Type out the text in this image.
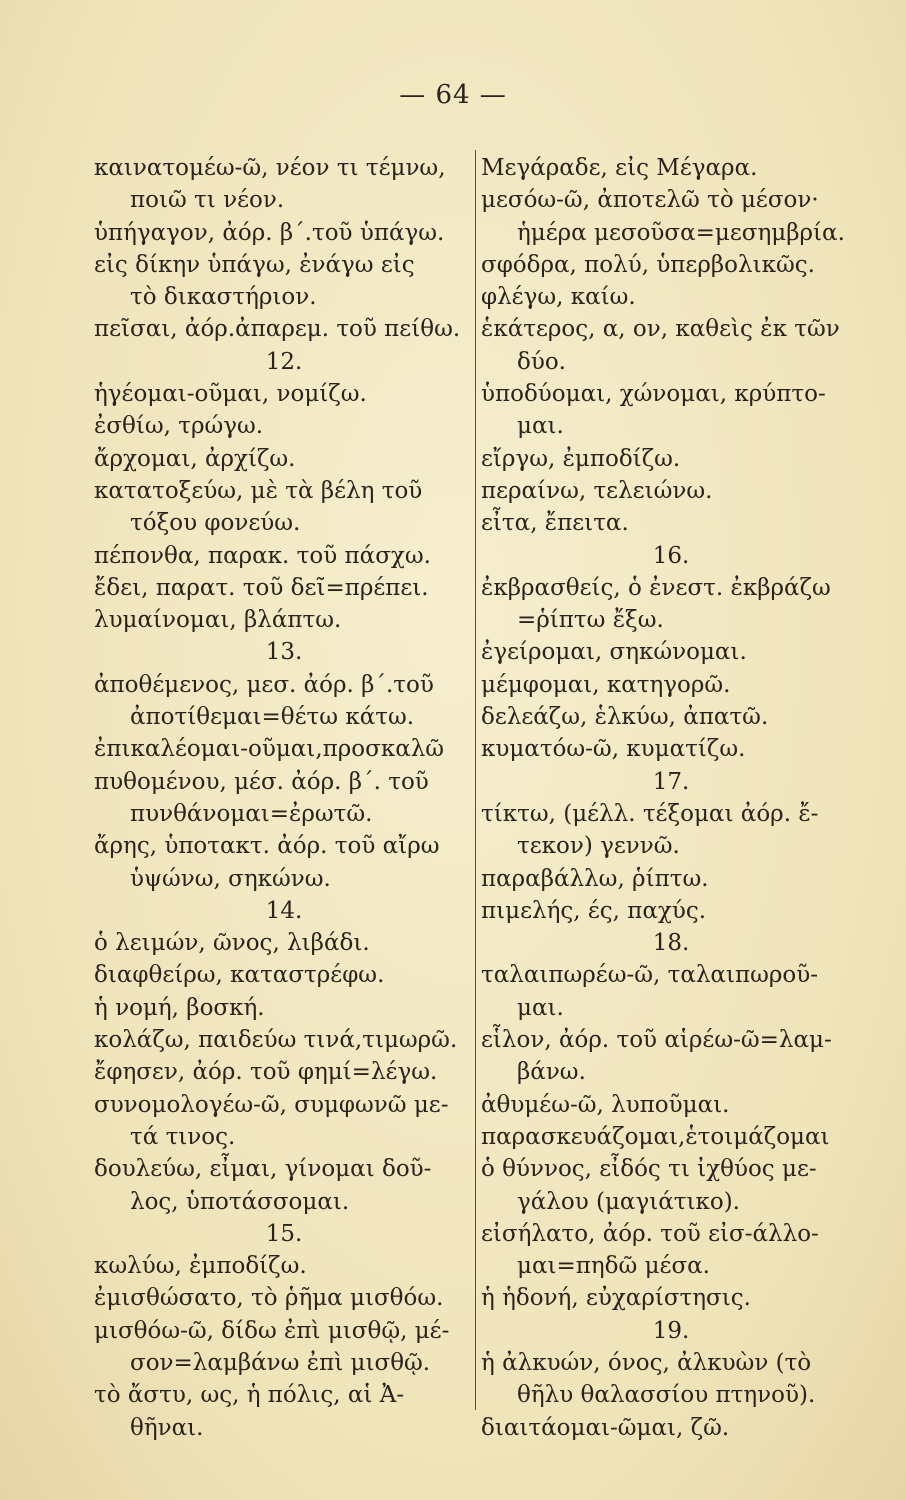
— 64 —
καινατομέω-ῶ, νέον τι τέμνω,
ποιῶ τι νέον.
ὑπήγαγον, ἀόρ. β΄.τοῦ ὑπάγω.
εἰς δίκην ὑπάγω, ἐνάγω εἰς
τὸ δικαστήριον.
πεῖσαι, ἀόρ.ἀπαρεμ. τοῦ πείθω.
12.
ἡγέομαι-οῦμαι, νομίζω.
ἐσθίω, τρώγω.
ἄρχομαι, ἀρχίζω.
κατατοξεύω, μὲ τὰ βέλη τοῦ
τόξου φονεύω.
πέπονθα, παρακ. τοῦ πάσχω.
ἔδει, παρατ. τοῦ δεῖ=πρέπει.
λυμαίνομαι, βλάπτω.
13.
ἀποθέμενος, μεσ. ἀόρ. β΄.τοῦ
ἀποτίθεμαι=θέτω κάτω.
ἐπικαλέομαι-οῦμαι,προσκαλῶ
πυθομένου, μέσ. ἀόρ. β΄. τοῦ
πυνθάνομαι=ἐρωτῶ.
ἄρης, ὑποτακτ. ἀόρ. τοῦ αἴρω
ὑψώνω, σηκώνω.
14.
ὁ λειμών, ῶνος, λιβάδι.
διαφθείρω, καταστρέφω.
ἡ νομή, βοσκή.
κολάζω, παιδεύω τινά,τιμωρῶ.
ἔφησεν, ἀόρ. τοῦ φημί=λέγω.
συνομολογέω-ῶ, συμφωνῶ με-
τά τινος.
δουλεύω, εἶμαι, γίνομαι δοῦ-
λος, ὑποτάσσομαι.
15.
κωλύω, ἐμποδίζω.
ἐμισθώσατο, τὸ ῥῆμα μισθόω.
μισθόω-ῶ, δίδω ἐπὶ μισθῷ, μέ-
σον=λαμβάνω ἐπὶ μισθῷ.
τὸ ἄστυ, ως, ἡ πόλις, αἱ Ἀ-
θῆναι.
Μεγάραδε, εἰς Μέγαρα.
μεσόω-ῶ, ἀποτελῶ τὸ μέσον·
ἡμέρα μεσοῦσα=μεσημβρία.
σφόδρα, πολύ, ὑπερβολικῶς.
φλέγω, καίω.
ἑκάτερος, α, ον, καθεὶς ἐκ τῶν
δύο.
ὑποδύομαι, χώνομαι, κρύπτο-
μαι.
εἴργω, ἐμποδίζω.
περαίνω, τελειώνω.
εἶτα, ἔπειτα.
16.
ἐκβρασθείς, ὁ ἐνεστ. ἐκβράζω
=ῥίπτω ἔξω.
ἐγείρομαι, σηκώνομαι.
μέμφομαι, κατηγορῶ.
δελεάζω, ἑλκύω, ἀπατῶ.
κυματόω-ῶ, κυματίζω.
17.
τίκτω, (μέλλ. τέξομαι ἀόρ. ἔ-
τεκον) γεννῶ.
παραβάλλω, ῥίπτω.
πιμελής, ές, παχύς.
18.
ταλαιπωρέω-ῶ, ταλαιπωροῦ-
μαι.
εἷλον, ἀόρ. τοῦ αἱρέω-ῶ=λαμ-
βάνω.
ἀθυμέω-ῶ, λυποῦμαι.
παρασκευάζομαι,ἑτοιμάζομαι
ὁ θύννος, εἶδός τι ἰχθύος με-
γάλου (μαγιάτικο).
εἰσήλατο, ἀόρ. τοῦ εἰσ-άλλο-
μαι=πηδῶ μέσα.
ἡ ἡδονή, εὐχαρίστησις.
19.
ἡ ἀλκυών, όνος, ἀλκυὼν (τὸ
θῆλυ θαλασσίου πτηνοῦ).
διαιτάομαι-ῶμαι, ζῶ.
